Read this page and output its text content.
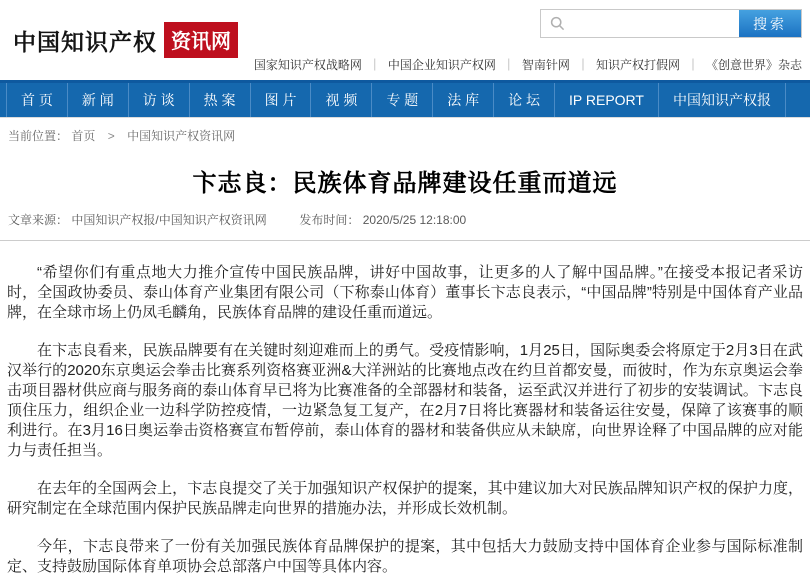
中国知识产权 资讯网
搜索
国家知识产权战略网 ｜ 中国企业知识产权网 ｜ 智南针网 ｜ 知识产权打假网 ｜ 《创意世界》杂志
首 页	新 闻	访 谈	热 案	图 片	视 频	专 题	法 库	论 坛	IP REPORT	中国知识产权报
当前位置： 首页 > 中国知识产权资讯网
卞志良：民族体育品牌建设任重而道远
文章来源： 中国知识产权报/中国知识产权资讯网	发布时间： 2020/5/25 12:18:00

“希望你们有重点地大力推介宣传中国民族品牌，讲好中国故事，让更多的人了解中国品牌。”在接受本报记者采访时，全国政协委员、泰山体育产业集团有限公司（下称泰山体育）董事长卞志良表示，“中国品牌”特别是中国体育产业品牌，在全球市场上仍凤毛麟角，民族体育品牌的建设任重而道远。

在卞志良看来，民族品牌要有在关键时刻迎难而上的勇气。受疫情影响，1月25日，国际奥委会将原定于2月3日在武汉举行的2020东京奥运会拳击比赛系列资格赛亚洲&大洋洲站的比赛地点改在约旦首都安曼，而彼时，作为东京奥运会拳击项目器材供应商与服务商的泰山体育早已将为比赛准备的全部器材和装备，运至武汉并进行了初步的安装调试。卞志良顶住压力，组织企业一边科学防控疫情，一边紧急复工复产，在2月7日将比赛器材和装备运往安曼，保障了该赛事的顺利进行。在3月16日奥运拳击资格赛宣布暂停前，泰山体育的器材和装备供应从未缺席，向世界诠释了中国品牌的应对能力与责任担当。

在去年的全国两会上，卞志良提交了关于加强知识产权保护的提案，其中建议加大对民族品牌知识产权的保护力度，研究制定在全球范围内保护民族品牌走向世界的措施办法，并形成长效机制。

今年，卞志良带来了一份有关加强民族体育品牌保护的提案，其中包括大力鼓励支持中国体育企业参与国际标准制定、支持鼓励国际体育单项协会总部落户中国等具体内容。
